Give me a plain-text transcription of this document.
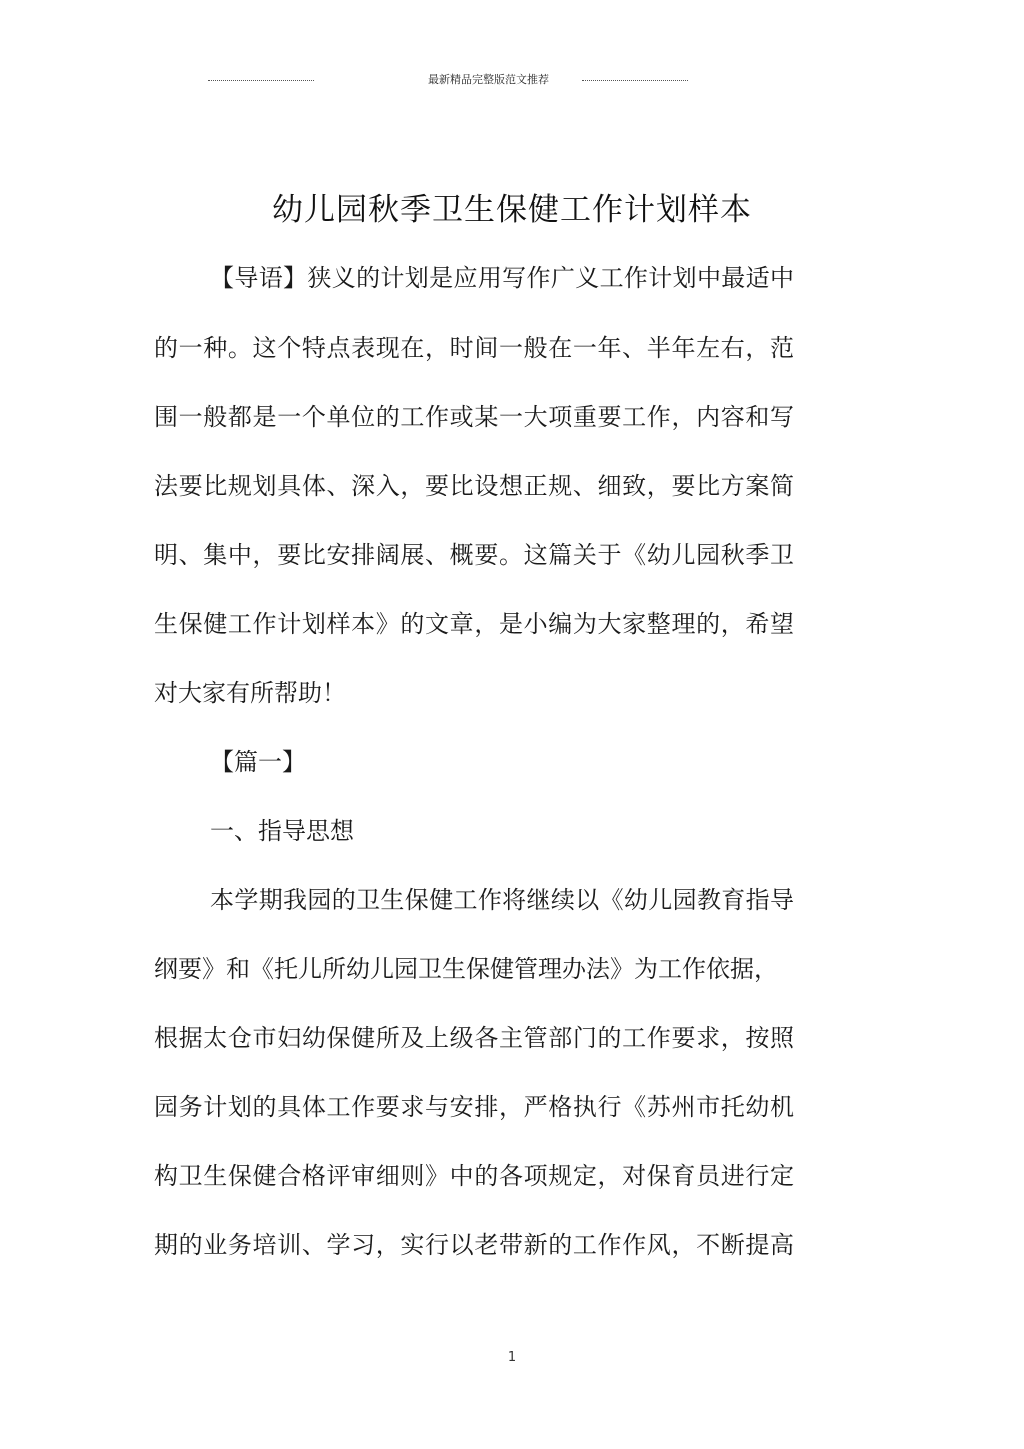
最新精品完整版范文推荐
幼儿园秋季卫生保健工作计划样本
【导语】狭义的计划是应用写作广义工作计划中最适中
的一种。这个特点表现在，时间一般在一年、半年左右，范
围一般都是一个单位的工作或某一大项重要工作，内容和写
法要比规划具体、深入，要比设想正规、细致，要比方案简
明、集中，要比安排阔展、概要。这篇关于《幼儿园秋季卫
生保健工作计划样本》的文章，是小编为大家整理的，希望
对大家有所帮助！
【篇一】
一、指导思想
本学期我园的卫生保健工作将继续以《幼儿园教育指导
纲要》和《托儿所幼儿园卫生保健管理办法》为工作依据，
根据太仓市妇幼保健所及上级各主管部门的工作要求，按照
园务计划的具体工作要求与安排，严格执行《苏州市托幼机
构卫生保健合格评审细则》中的各项规定，对保育员进行定
期的业务培训、学习，实行以老带新的工作作风，不断提高
1
